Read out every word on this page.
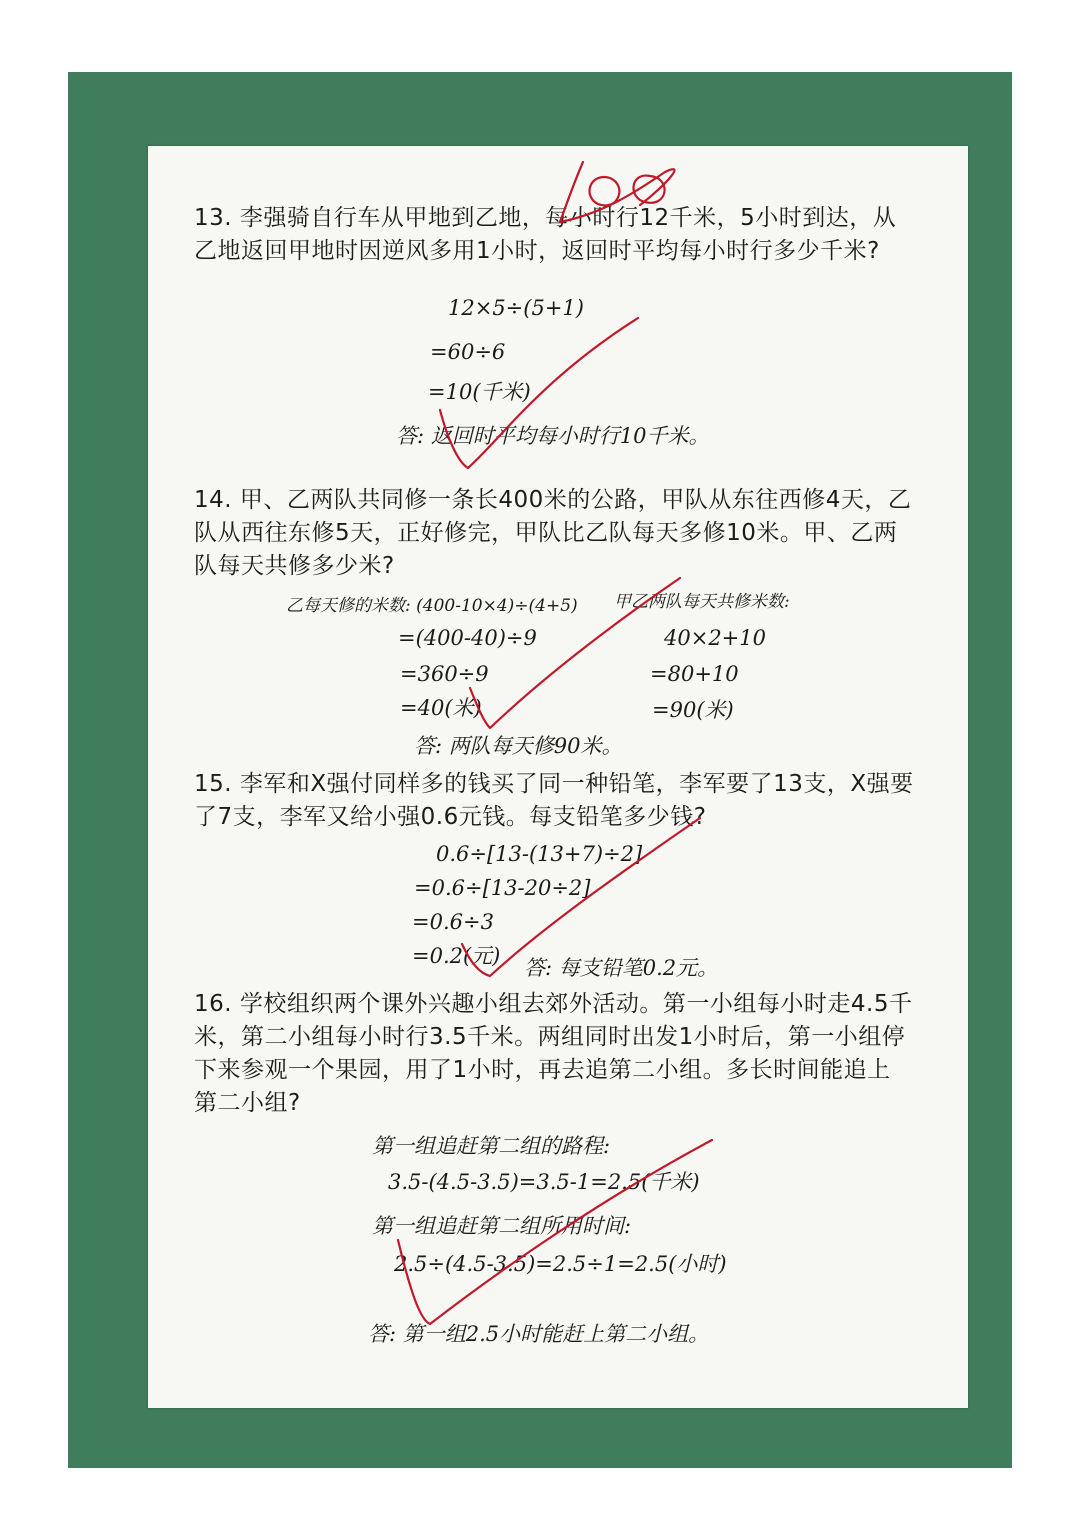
13. 李强骑自行车从甲地到乙地，每小时行12千米，5小时到达，从乙地返回甲地时因逆风多用1小时，返回时平均每小时行多少千米?

12×5÷(5+1)
=60÷6
=10(千米)
答: 返回时平均每小时行10千米。

14. 甲、乙两队共同修一条长400米的公路，甲队从东往西修4天，乙队从西往东修5天，正好修完，甲队比乙队每天多修10米。甲、乙两队每天共修多少米?

乙每天修的米数: (400-10×4)÷(4+5)
=(400-40)÷9
=360÷9
=40(米)
甲乙两队每天共修米数:
40×2+10
=80+10
=90(米)
答: 两队每天修90米。

15. 李军和X强付同样多的钱买了同一种铅笔，李军要了13支，X强要了7支，李军又给小强0.6元钱。每支铅笔多少钱?

0.6÷[13-(13+7)÷2]
=0.6÷[13-20÷2]
=0.6÷3
=0.2(元) 答: 每支铅笔0.2元。

16. 学校组织两个课外兴趣小组去郊外活动。第一小组每小时走4.5千米，第二小组每小时行3.5千米。两组同时出发1小时后，第一小组停下来参观一个果园，用了1小时，再去追第二小组。多长时间能追上第二小组?

第一组追赶第二组的路程:
3.5-(4.5-3.5)=3.5-1=2.5(千米)
第一组追赶第二组所用时间:
2.5÷(4.5-3.5)=2.5÷1=2.5(小时)
答: 第一组2.5小时能赶上第二小组。
